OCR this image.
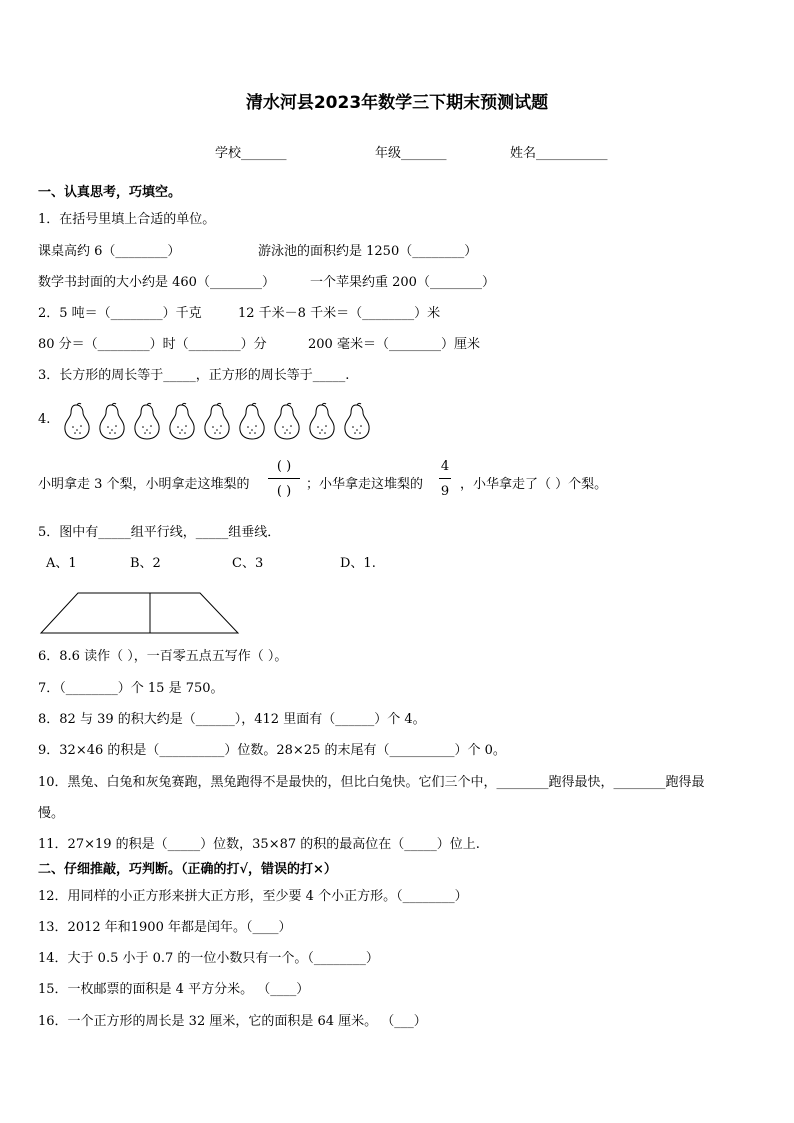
清水河县2023年数学三下期末预测试题
学校_______	年级_______	姓名___________
一、认真思考，巧填空。
1．在括号里填上合适的单位。
课桌高约 6（________）	游泳池的面积约是 1250（________）
数学书封面的大小约是 460（________）	一个苹果约重 200（________）
2．5 吨＝（________）千克	12 千米－8 千米＝（________）米
80 分＝（________）时（________）分	200 毫米＝（________）厘米
3．长方形的周长等于_____，正方形的周长等于_____.
4.
小明拿走 3 个梨，小明拿走这堆梨的
( )
( )	；小华拿走这堆梨的
4
9 ，小华拿走了（ ）个梨。
5．图中有_____组平行线，_____组垂线．
A、1	B、2	C、3	D、1.
6．8.6 读作（ ），一百零五点五写作（ ）。
7．（________）个 15 是 750。
8．82 与 39 的积大约是（______），412 里面有（______）个 4。
9．32×46 的积是（__________）位数。28×25 的末尾有（__________）个 0。
10．黑兔、白兔和灰兔赛跑，黑兔跑得不是最快的，但比白兔快。它们三个中，________跑得最快，________跑得最
慢。
11．27×19 的积是（_____）位数，35×87 的积的最高位在（_____）位上.
二、仔细推敲，巧判断。（正确的打√，错误的打×）
12．用同样的小正方形来拼大正方形，至少要 4 个小正方形。（________）
13．2012 年和1900 年都是闰年。（____）
14．大于 0.5 小于 0.7 的一位小数只有一个。（________）
15．一枚邮票的面积是 4 平方分米。 （____）
16．一个正方形的周长是 32 厘米，它的面积是 64 厘米。 （___）
